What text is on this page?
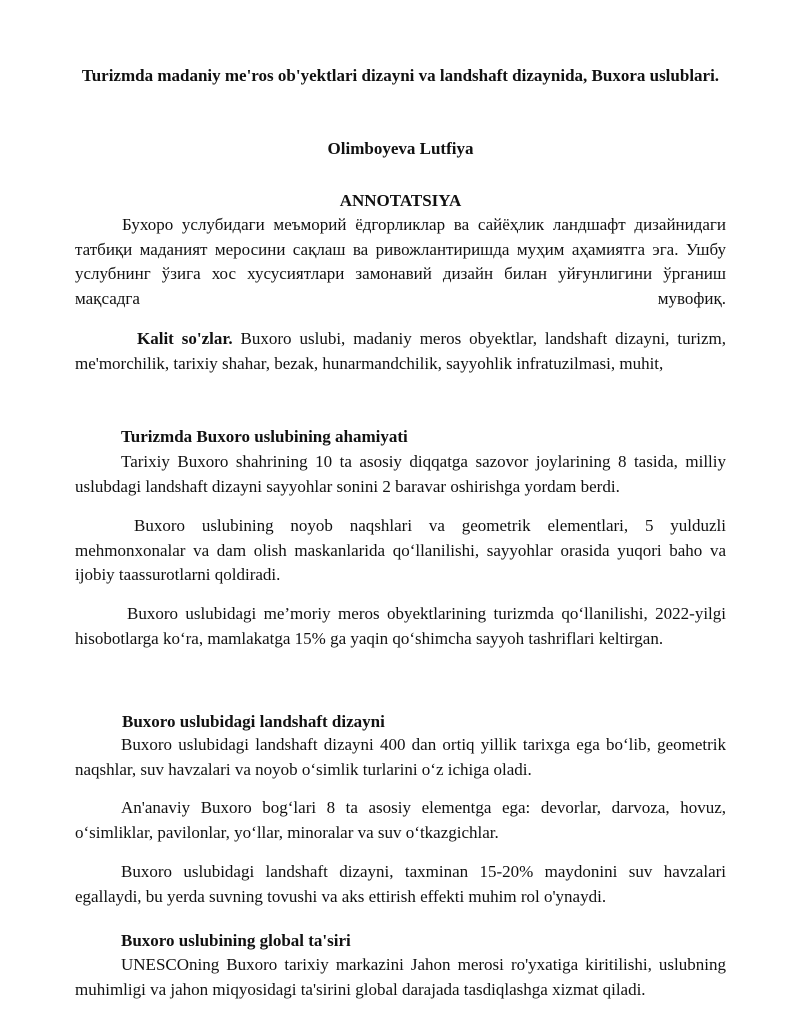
Turizmda madaniy me'ros ob'yektlari dizayni va landshaft dizaynida, Buxora uslublari.
Olimboyeva Lutfiya
ANNOTATSIYA

Бухоро услубидаги меъморий ёдгорликлар ва сайёҳлик ландшафт дизайнидаги татбиқи маданият меросини сақлаш ва ривожлантиришда муҳим аҳамиятга эга. Ушбу услубнинг ўзига хос хусусиятлари замонавий дизайн билан уйғунлигини ўрганиш мақсадга мувофиқ.

Kalit so'zlar. Buxoro uslubi, madaniy meros obyektlar, landshaft dizayni, turizm, me'morchilik, tarixiy shahar, bezak, hunarmandchilik, sayyohlik infratuzilmasi, muhit,

Turizmda Buxoro uslubining ahamiyati

Tarixiy Buxoro shahrining 10 ta asosiy diqqatga sazovor joylarining 8 tasida, milliy uslubdagi landshaft dizayni sayyohlar sonini 2 baravar oshirishga yordam berdi.

Buxoro uslubining noyob naqshlari va geometrik elementlari, 5 yulduzli mehmonxonalar va dam olish maskanlarida qo‘llanilishi, sayyohlar orasida yuqori baho va ijobiy taassurotlarni qoldiradi.

Buxoro uslubidagi me’moriy meros obyektlarining turizmda qo‘llanilishi, 2022-yilgi hisobotlarga ko‘ra, mamlakatga 15% ga yaqin qo‘shimcha sayyoh tashriflari keltirgan.

Buxoro uslubidagi landshaft dizayni

Buxoro uslubidagi landshaft dizayni 400 dan ortiq yillik tarixga ega bo‘lib, geometrik naqshlar, suv havzalari va noyob o‘simlik turlarini o‘z ichiga oladi.

An'anaviy Buxoro bog‘lari 8 ta asosiy elementga ega: devorlar, darvoza, hovuz, o‘simliklar, pavilonlar, yo‘llar, minoralar va suv o‘tkazgichlar.

Buxoro uslubidagi landshaft dizayni, taxminan 15-20% maydonini suv havzalari egallaydi, bu yerda suvning tovushi va aks ettirish effekti muhim rol o'ynaydi.

Buxoro uslubining global ta'siri

UNESCOning Buxoro tarixiy markazini Jahon merosi ro'yxatiga kiritilishi, uslubning muhimligi va jahon miqyosidagi ta'sirini global darajada tasdiqlashga xizmat qiladi.
